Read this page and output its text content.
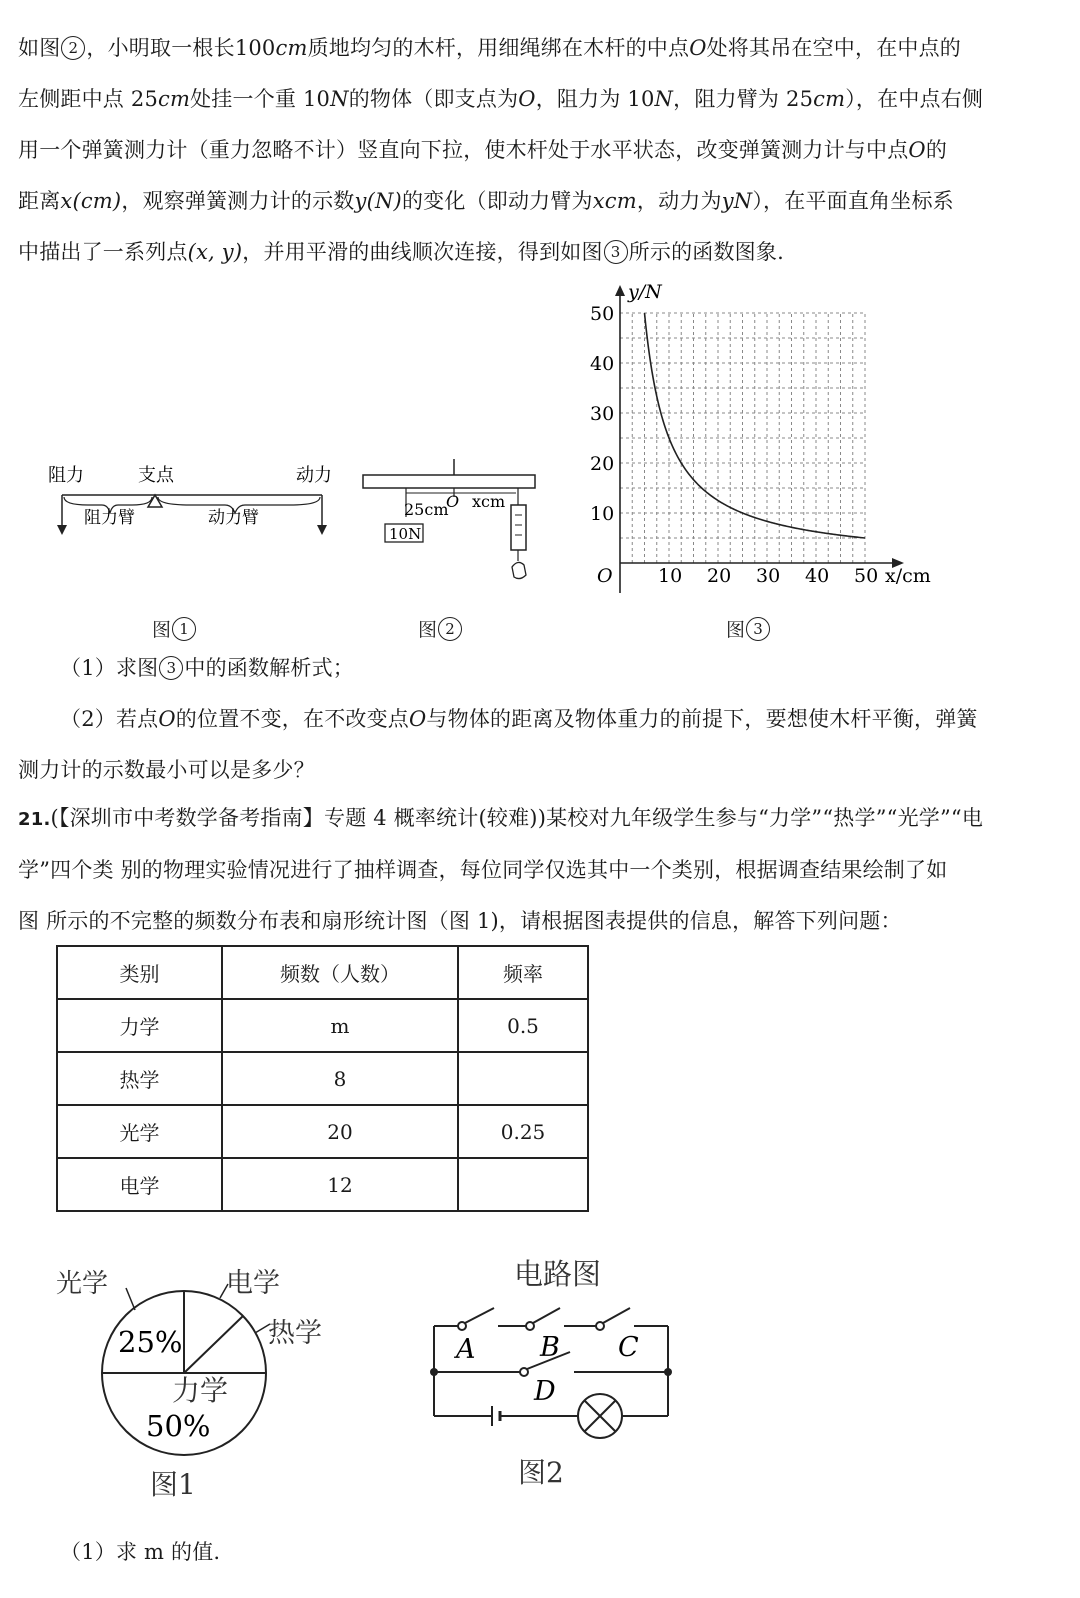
如图 2 ，小明取一根长100cm质地均匀的木杆，用细绳绑在木杆的中点O处将其吊在空中，在中点的

左侧距中点 25cm处挂一个重 10N的物体（即支点为O，阻力为 10N，阻力臂为 25cm），在中点右侧

用一个弹簧测力计（重力忽略不计）竖直向下拉，使木杆处于水平状态，改变弹簧测力计与中点O的

距离x(cm)，观察弹簧测力计的示数y(N)的变化（即动力臂为xcm，动力为yN），在平面直角坐标系

中描出了一系列点(x, y)，并用平滑的曲线顺次连接，得到如图 3 所示的函数图象.

阻力	支点	动力
阻力臂	动力臂
图 1
25cm
O xcm
10N
图 2
y/N
x/cm
O 10 20 30 40 50
10
20
30
40
50
图 3

（1）求图 3 中的函数解析式；

（2）若点O的位置不变，在不改变点O与物体的距离及物体重力的前提下，要想使木杆平衡，弹簧

测力计的示数最小可以是多少？

21.(【深圳市中考数学备考指南】专题 4 概率统计(较难))某校对九年级学生参与“力学”“热学”“光学”“电

学”四个类 别的物理实验情况进行了抽样调查，每位同学仅选其中一个类别，根据调查结果绘制了如

图 所示的不完整的频数分布表和扇形统计图（图 1)，请根据图表提供的信息，解答下列问题：

类别	频数（人数）	频率
力学	m	0.5
热学	8	
光学	20	0.25
电学	12	
光学	电学
热学
25%
力学
50%
图1
电路图
A B C
D
图2

（1）求 m 的值.
